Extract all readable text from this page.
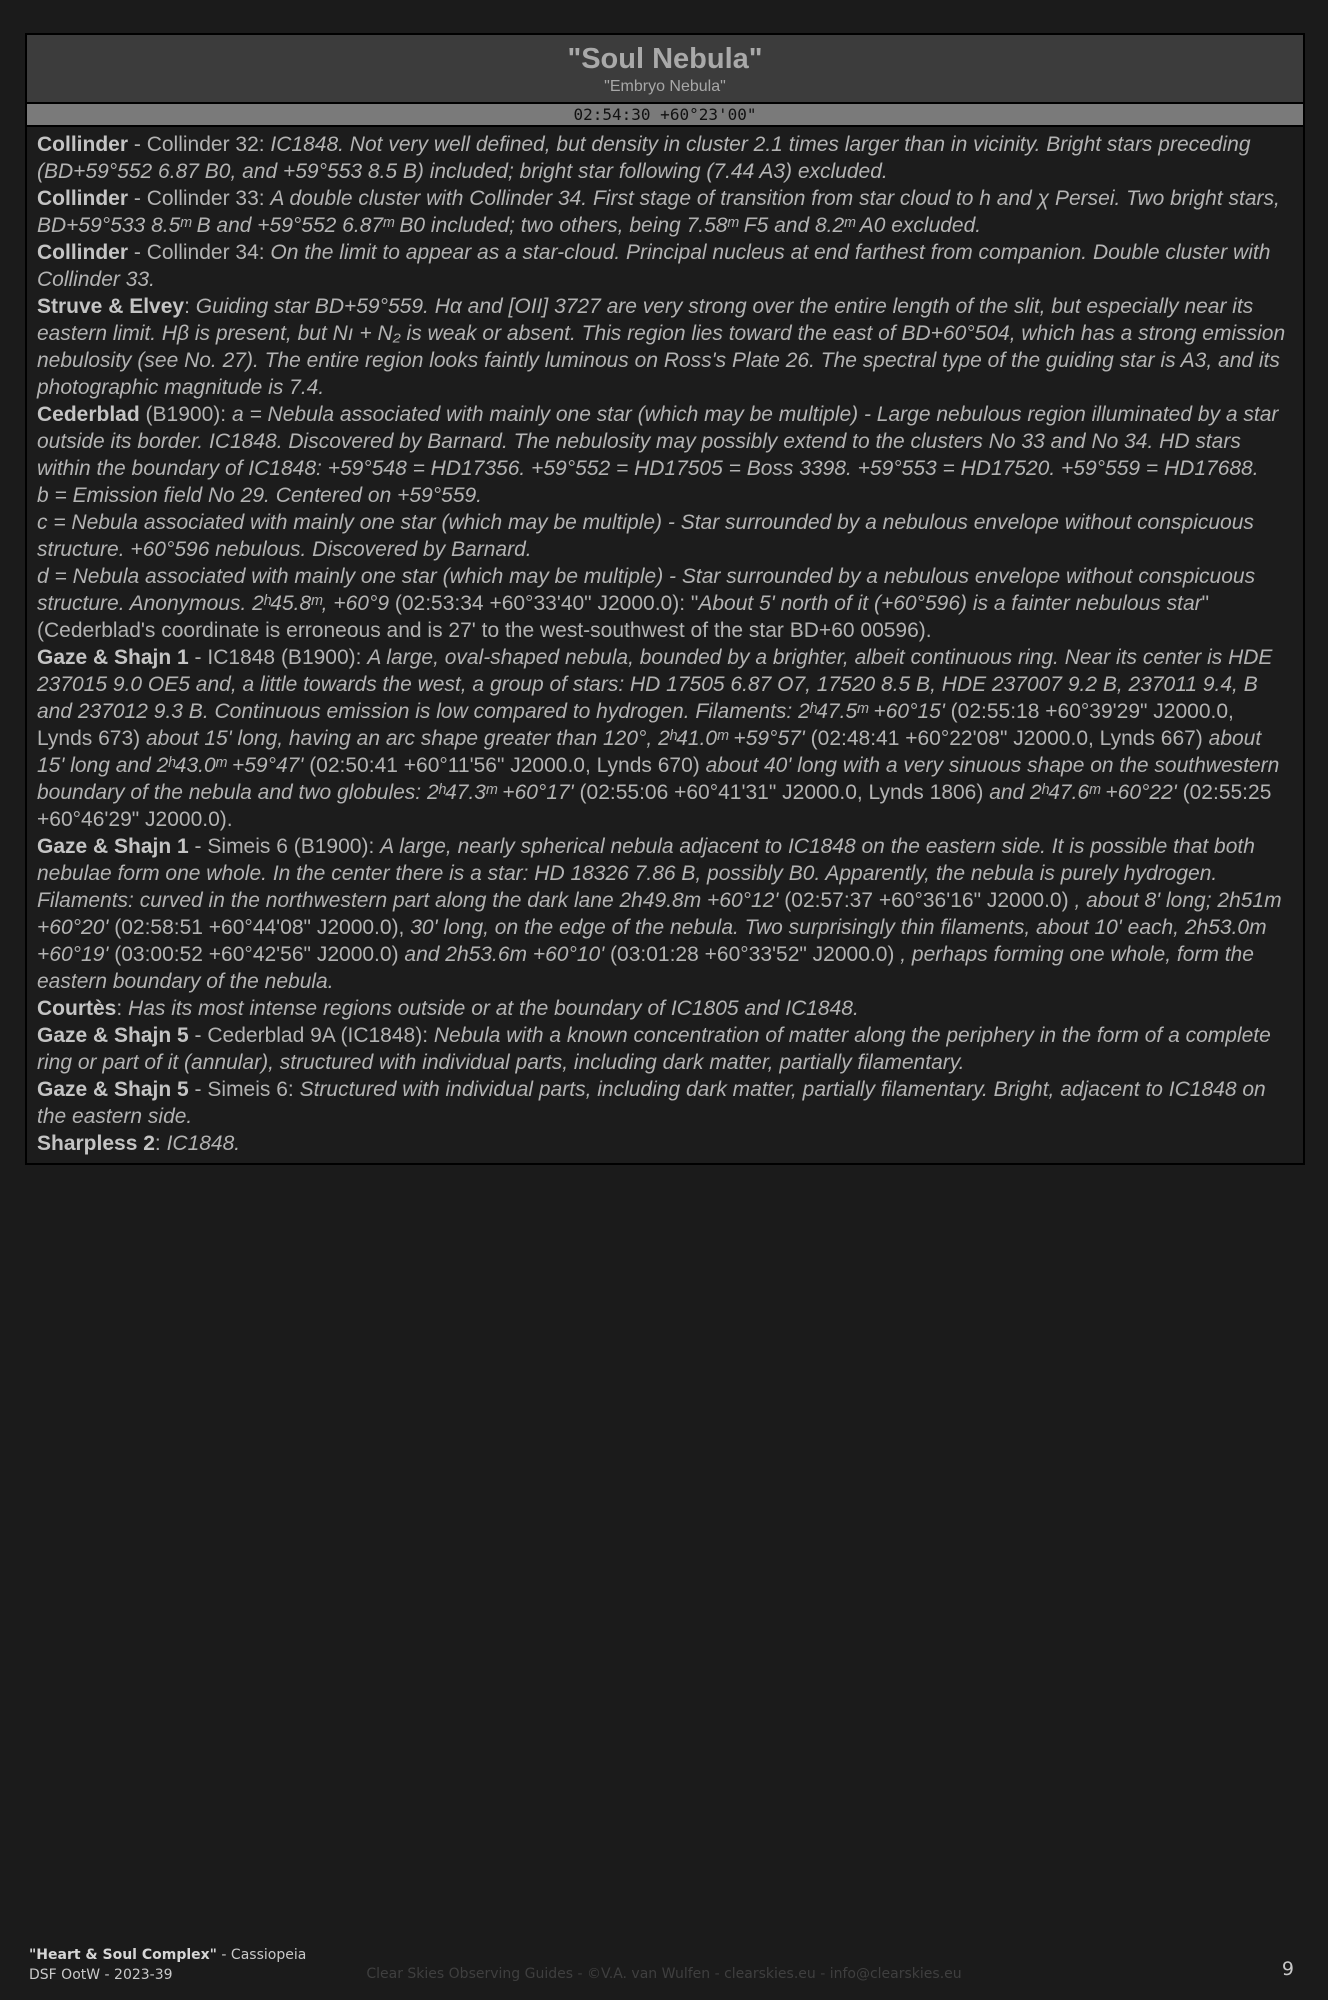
"Soul Nebula"
"Embryo Nebula"
02:54:30 +60°23'00"

Collinder - Collinder 32: IC1848. Not very well defined, but density in cluster 2.1 times larger than in vicinity. Bright stars preceding (BD+59°552 6.87 B0, and +59°553 8.5 B) included; bright star following (7.44 A3) excluded.

Collinder - Collinder 33: A double cluster with Collinder 34. First stage of transition from star cloud to h and χ Persei. Two bright stars, BD+59°533 8.5ᵐ B and +59°552 6.87ᵐ B0 included; two others, being 7.58ᵐ F5 and 8.2ᵐ A0 excluded.

Collinder - Collinder 34: On the limit to appear as a star-cloud. Principal nucleus at end farthest from companion. Double cluster with Collinder 33.

Struve & Elvey: Guiding star BD+59°559. Hα and [OII] 3727 are very strong over the entire length of the slit, but especially near its eastern limit. Hβ is present, but Nı + N₂ is weak or absent. This region lies toward the east of BD+60°504, which has a strong emission nebulosity (see No. 27). The entire region looks faintly luminous on Ross's Plate 26. The spectral type of the guiding star is A3, and its photographic magnitude is 7.4.

Cederblad (B1900): a = Nebula associated with mainly one star (which may be multiple) - Large nebulous region illuminated by a star outside its border. IC1848. Discovered by Barnard. The nebulosity may possibly extend to the clusters No 33 and No 34. HD stars within the boundary of IC1848: +59°548 = HD17356. +59°552 = HD17505 = Boss 3398. +59°553 = HD17520. +59°559 = HD17688.

b = Emission field No 29. Centered on +59°559.

c = Nebula associated with mainly one star (which may be multiple) - Star surrounded by a nebulous envelope without conspicuous structure. +60°596 nebulous. Discovered by Barnard.

d = Nebula associated with mainly one star (which may be multiple) - Star surrounded by a nebulous envelope without conspicuous structure. Anonymous. 2ʰ45.8ᵐ, +60°9 (02:53:34 +60°33'40" J2000.0): "About 5' north of it (+60°596) is a fainter nebulous star" (Cederblad's coordinate is erroneous and is 27' to the west-southwest of the star BD+60 00596).

Gaze & Shajn 1 - IC1848 (B1900): A large, oval-shaped nebula, bounded by a brighter, albeit continuous ring. Near its center is HDE 237015 9.0 OE5 and, a little towards the west, a group of stars: HD 17505 6.87 O7, 17520 8.5 B, HDE 237007 9.2 B, 237011 9.4, B and 237012 9.3 B. Continuous emission is low compared to hydrogen. Filaments: 2ʰ47.5ᵐ +60°15' (02:55:18 +60°39'29" J2000.0, Lynds 673) about 15' long, having an arc shape greater than 120°, 2ʰ41.0ᵐ +59°57' (02:48:41 +60°22'08" J2000.0, Lynds 667) about 15' long and 2ʰ43.0ᵐ +59°47' (02:50:41 +60°11'56" J2000.0, Lynds 670) about 40' long with a very sinuous shape on the southwestern boundary of the nebula and two globules: 2ʰ47.3ᵐ +60°17' (02:55:06 +60°41'31" J2000.0, Lynds 1806) and 2ʰ47.6ᵐ +60°22' (02:55:25 +60°46'29" J2000.0).

Gaze & Shajn 1 - Simeis 6 (B1900): A large, nearly spherical nebula adjacent to IC1848 on the eastern side. It is possible that both nebulae form one whole. In the center there is a star: HD 18326 7.86 B, possibly B0. Apparently, the nebula is purely hydrogen. Filaments: curved in the northwestern part along the dark lane 2h49.8m +60°12' (02:57:37 +60°36'16" J2000.0) , about 8' long; 2h51m +60°20' (02:58:51 +60°44'08" J2000.0), 30' long, on the edge of the nebula. Two surprisingly thin filaments, about 10' each, 2h53.0m +60°19' (03:00:52 +60°42'56" J2000.0) and 2h53.6m +60°10' (03:01:28 +60°33'52" J2000.0) , perhaps forming one whole, form the eastern boundary of the nebula.

Courtès: Has its most intense regions outside or at the boundary of IC1805 and IC1848.

Gaze & Shajn 5 - Cederblad 9A (IC1848): Nebula with a known concentration of matter along the periphery in the form of a complete ring or part of it (annular), structured with individual parts, including dark matter, partially filamentary.

Gaze & Shajn 5 - Simeis 6: Structured with individual parts, including dark matter, partially filamentary. Bright, adjacent to IC1848 on the eastern side.

Sharpless 2: IC1848.

"Heart & Soul Complex" - Cassiopeia
DSF OotW - 2023-39	Clear Skies Observing Guides - ©V.A. van Wulfen - clearskies.eu - info@clearskies.eu	9
